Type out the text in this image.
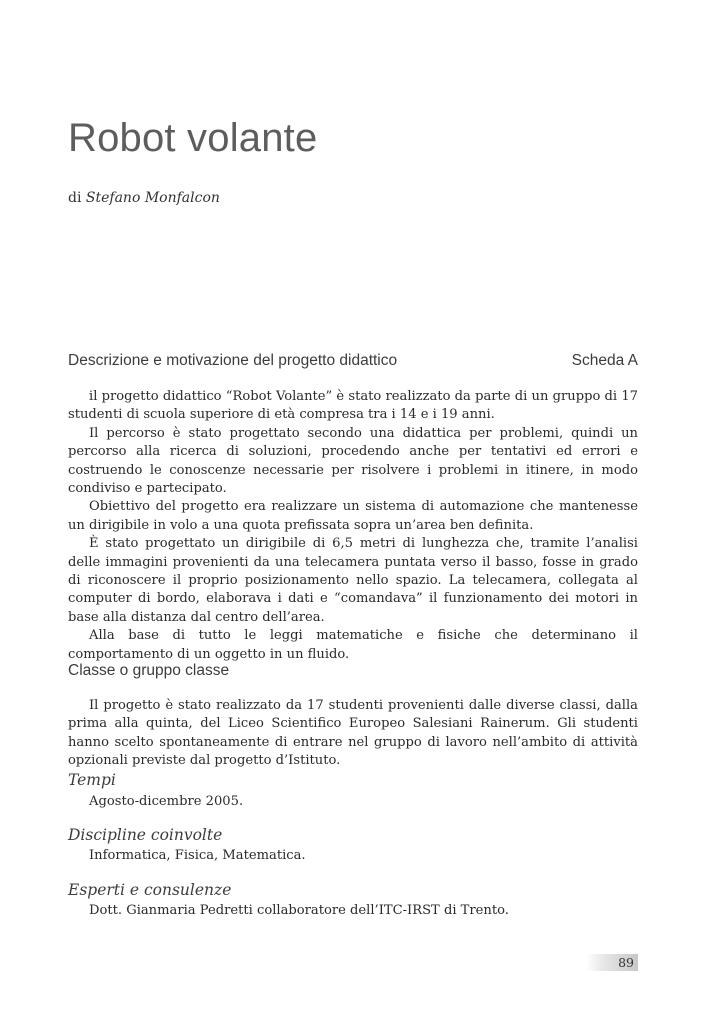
Robot volante
di Stefano Monfalcon
Descrizione e motivazione del progetto didattico	Scheda A

il progetto didattico “Robot Volante” è stato realizzato da parte di un gruppo di 17 studenti di scuola superiore di età compresa tra i 14 e i 19 anni.

Il percorso è stato progettato secondo una didattica per problemi, quindi un percorso alla ricerca di soluzioni, procedendo anche per tentativi ed errori e costruendo le conoscenze necessarie per risolvere i problemi in itinere, in modo condiviso e partecipato.

Obiettivo del progetto era realizzare un sistema di automazione che mantenesse un dirigibile in volo a una quota prefissata sopra un’area ben definita.

È stato progettato un dirigibile di 6,5 metri di lunghezza che, tramite l’analisi delle immagini provenienti da una telecamera puntata verso il basso, fosse in grado di riconoscere il proprio posizionamento nello spazio. La telecamera, collegata al computer di bordo, elaborava i dati e “comandava” il funzionamento dei motori in base alla distanza dal centro dell’area.

Alla base di tutto le leggi matematiche e fisiche che determinano il comportamento di un oggetto in un fluido.

Classe o gruppo classe

Il progetto è stato realizzato da 17 studenti provenienti dalle diverse classi, dalla prima alla quinta, del Liceo Scientifico Europeo Salesiani Rainerum. Gli studenti hanno scelto spontaneamente di entrare nel gruppo di lavoro nell’ambito di attività opzionali previste dal progetto d’Istituto.

Tempi
Agosto-dicembre 2005.
Discipline coinvolte
Informatica, Fisica, Matematica.
Esperti e consulenze
Dott. Gianmaria Pedretti collaboratore dell’ITC-IRST di Trento.
89
